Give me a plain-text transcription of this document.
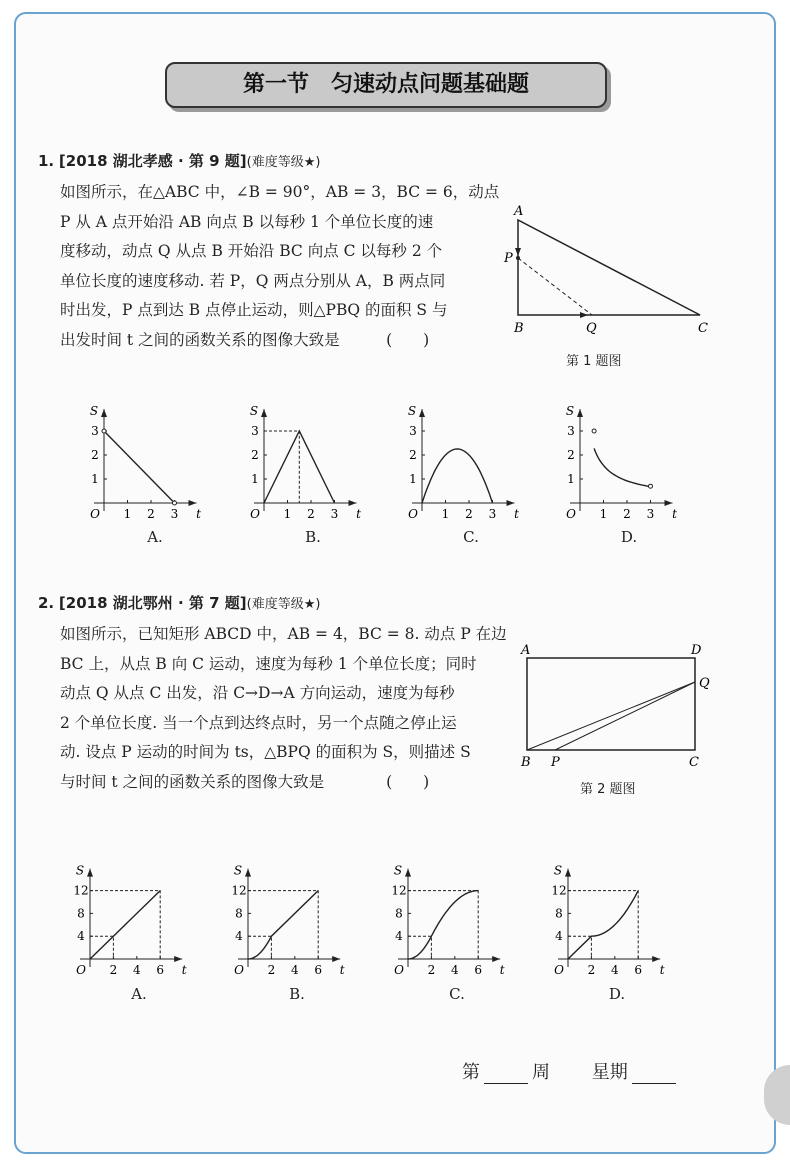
第一节　匀速动点问题基础题
1. [2018 湖北孝感 · 第 9 题](难度等级★)

如图所示，在△ABC 中，∠B = 90°，AB = 3，BC = 6，动点

P 从 A 点开始沿 AB 向点 B 以每秒 1 个单位长度的速

度移动，动点 Q 从点 B 开始沿 BC 向点 C 以每秒 2 个

单位长度的速度移动. 若 P，Q 两点分别从 A，B 两点同

时出发，P 点到达 B 点停止运动，则△PBQ 的面积 S 与

出发时间 t 之间的函数关系的图像大致是　　　(　　)

A
P
B	Q	C
第 1 题图
S
t
O 1 2 3
1
2
3
S
t
O 1 2 3
1
2
3
S
t
O 1 2 3
1
2
3
S
t
O 1 2 3
1
2
3
A.	B.	C.	D.
2. [2018 湖北鄂州 · 第 7 题](难度等级★)

如图所示，已知矩形 ABCD 中，AB = 4，BC = 8. 动点 P 在边

BC 上，从点 B 向 C 运动，速度为每秒 1 个单位长度；同时

动点 Q 从点 C 出发，沿 C→D→A 方向运动，速度为每秒

2 个单位长度. 当一个点到达终点时，另一个点随之停止运

动. 设点 P 运动的时间为 ts，△BPQ 的面积为 S，则描述 S

与时间 t 之间的函数关系的图像大致是　　　　(　　)

A	D
Q
B P	C
第 2 题图
S
t
O 2 4 6
4
8
12
S
t
O 2 4 6
4
8
12
S
t
O 2 4 6
4
8
12
S
t
O 2 4 6
4
8
12
A.	B.	C.	D.
第	周 星期
